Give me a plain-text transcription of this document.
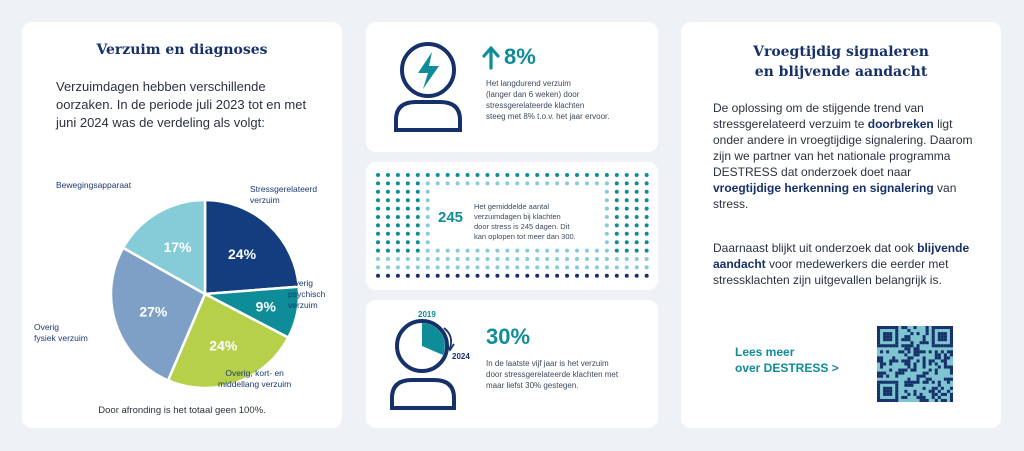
Verzuim en diagnoses
Verzuimdagen hebben verschillende oorzaken. In de periode juli 2023 tot en met juni 2024 was de verdeling als volgt:
24%
9%
24%
27%
17%
Stressgerelateerd
verzuim
Overig
psychisch
verzuim
Overig, kort- en
middellang verzuim
Overig
fysiek verzuim
Bewegingsapparaat
Door afronding is het totaal geen 100%.
8%
Het langdurend verzuim
(langer dan 6 weken) door
stressgerelateerde klachten
steeg met 8% t.o.v. het jaar ervoor.
245
Het gemiddelde aantal
verzuimdagen bij klachten
door stress is 245 dagen. Dit
kan oplopen tot meer dan 300.
2019
2024
30%
In de laatste vijf jaar is het verzuim
door stressgerelateerde klachten met
maar liefst 30% gestegen.
Vroegtijdig signaleren
en blijvende aandacht
De oplossing om de stijgende trend van stressgerelateerd verzuim te doorbreken ligt onder andere in vroegtijdige signalering. Daarom zijn we partner van het nationale programma DESTRESS dat onderzoek doet naar vroegtijdige herkenning en signalering van stress.
Daarnaast blijkt uit onderzoek dat ook blijvende aandacht voor medewerkers die eerder met stressklachten zijn uitgevallen belangrijk is.
Lees meer
over DESTRESS >
